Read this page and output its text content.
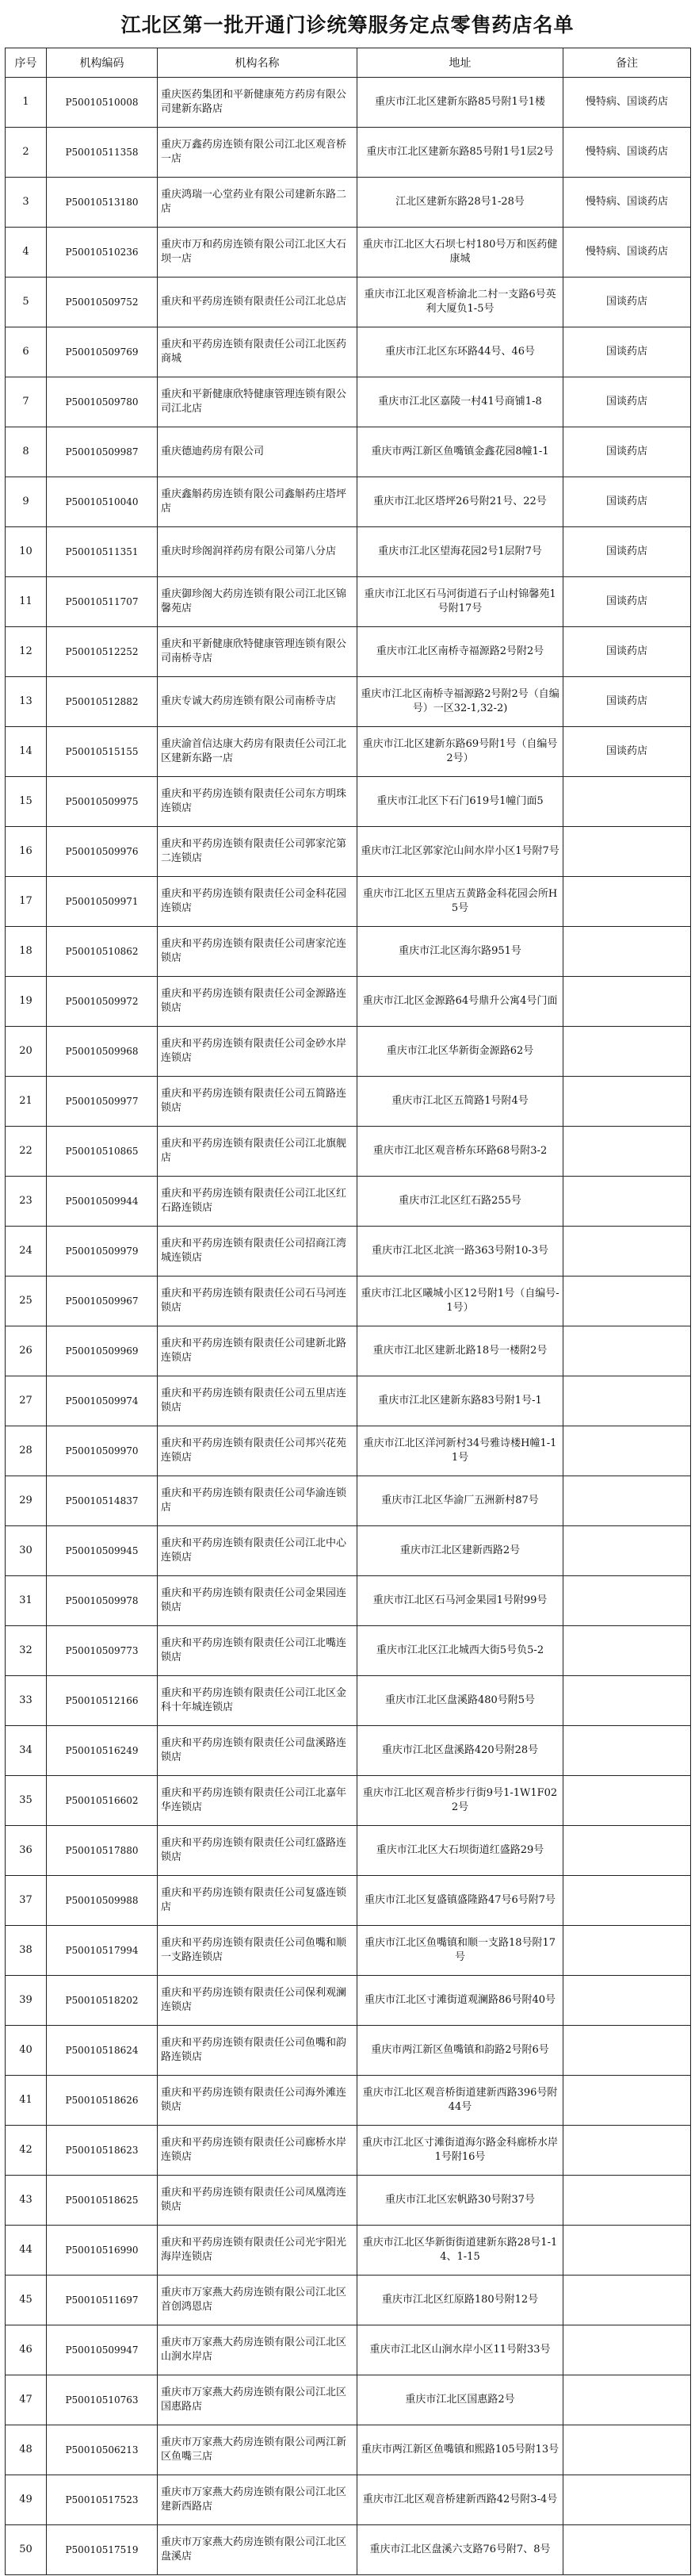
江北区第一批开通门诊统筹服务定点零售药店名单
序号	机构编码	机构名称	地址	备注
1	P50010510008	重庆医药集团和平新健康苑方药房有限公司建新东路店	重庆市江北区建新东路85号附1号1楼	慢特病、国谈药店
2	P50010511358	重庆万鑫药房连锁有限公司江北区观音桥一店	重庆市江北区建新东路85号附1号1层2号	慢特病、国谈药店
3	P50010513180	重庆鸿瑞一心堂药业有限公司建新东路二店	江北区建新东路28号1-28号	慢特病、国谈药店
4	P50010510236	重庆市万和药房连锁有限公司江北区大石坝一店	重庆市江北区大石坝七村180号万和医药健康城	慢特病、国谈药店
5	P50010509752	重庆和平药房连锁有限责任公司江北总店	重庆市江北区观音桥渝北二村一支路6号英利大厦负1-5号	国谈药店
6	P50010509769	重庆和平药房连锁有限责任公司江北医药商城	重庆市江北区东环路44号、46号	国谈药店
7	P50010509780	重庆和平新健康欣特健康管理连锁有限公司江北店	重庆市江北区嘉陵一村41号商铺1-8	国谈药店
8	P50010509987	重庆德迪药房有限公司	重庆市两江新区鱼嘴镇金鑫花园8幢1-1	国谈药店
9	P50010510040	重庆鑫斛药房连锁有限公司鑫斛药庄塔坪店	重庆市江北区塔坪26号附21号、22号	国谈药店
10	P50010511351	重庆时珍阁润祥药房有限公司第八分店	重庆市江北区望海花园2号1层附7号	国谈药店
11	P50010511707	重庆御珍阁大药房连锁有限公司江北区锦馨苑店	重庆市江北区石马河街道石子山村锦馨苑1号附17号	国谈药店
12	P50010512252	重庆和平新健康欣特健康管理连锁有限公司南桥寺店	重庆市江北区南桥寺福源路2号附2号	国谈药店
13	P50010512882	重庆专诚大药房连锁有限公司南桥寺店	重庆市江北区南桥寺福源路2号附2号（自编号）一区32-1,32-2)	国谈药店
14	P50010515155	重庆渝首信达康大药房有限责任公司江北区建新东路一店	重庆市江北区建新东路69号附1号（自编号2号）	国谈药店
15	P50010509975	重庆和平药房连锁有限责任公司东方明珠连锁店	重庆市江北区下石门619号1幢门面5	
16	P50010509976	重庆和平药房连锁有限责任公司郭家沱第二连锁店	重庆市江北区郭家沱山间水岸小区1号附7号	
17	P50010509971	重庆和平药房连锁有限责任公司金科花园连锁店	重庆市江北区五里店五黄路金科花园会所H5号	
18	P50010510862	重庆和平药房连锁有限责任公司唐家沱连锁店	重庆市江北区海尔路951号	
19	P50010509972	重庆和平药房连锁有限责任公司金源路连锁店	重庆市江北区金源路64号鼎升公寓4号门面	
20	P50010509968	重庆和平药房连锁有限责任公司金砂水岸连锁店	重庆市江北区华新街金源路62号	
21	P50010509977	重庆和平药房连锁有限责任公司五简路连锁店	重庆市江北区五简路1号附4号	
22	P50010510865	重庆和平药房连锁有限责任公司江北旗舰店	重庆市江北区观音桥东环路68号附3-2	
23	P50010509944	重庆和平药房连锁有限责任公司江北区红石路连锁店	重庆市江北区红石路255号	
24	P50010509979	重庆和平药房连锁有限责任公司招商江湾城连锁店	重庆市江北区北滨一路363号附10-3号	
25	P50010509967	重庆和平药房连锁有限责任公司石马河连锁店	重庆市江北区曦城小区12号附1号（自编号-1号）	
26	P50010509969	重庆和平药房连锁有限责任公司建新北路连锁店	重庆市江北区建新北路18号一楼附2号	
27	P50010509974	重庆和平药房连锁有限责任公司五里店连锁店	重庆市江北区建新东路83号附1号-1	
28	P50010509970	重庆和平药房连锁有限责任公司邦兴花苑连锁店	重庆市江北区洋河新村34号雅诗楼H幢1-11号	
29	P50010514837	重庆和平药房连锁有限责任公司华渝连锁店	重庆市江北区华渝厂五洲新村87号	
30	P50010509945	重庆和平药房连锁有限责任公司江北中心连锁店	重庆市江北区建新西路2号	
31	P50010509978	重庆和平药房连锁有限责任公司金果园连锁店	重庆市江北区石马河金果园1号附99号	
32	P50010509773	重庆和平药房连锁有限责任公司江北嘴连锁店	重庆市江北区江北城西大街5号负5-2	
33	P50010512166	重庆和平药房连锁有限责任公司江北区金科十年城连锁店	重庆市江北区盘溪路480号附5号	
34	P50010516249	重庆和平药房连锁有限责任公司盘溪路连锁店	重庆市江北区盘溪路420号附28号	
35	P50010516602	重庆和平药房连锁有限责任公司江北嘉年华连锁店	重庆市江北区观音桥步行街9号1-1W1F022号	
36	P50010517880	重庆和平药房连锁有限责任公司红盛路连锁店	重庆市江北区大石坝街道红盛路29号	
37	P50010509988	重庆和平药房连锁有限责任公司复盛连锁店	重庆市江北区复盛镇盛隆路47号6号附7号	
38	P50010517994	重庆和平药房连锁有限责任公司鱼嘴和顺一支路连锁店	重庆市江北区鱼嘴镇和顺一支路18号附17号	
39	P50010518202	重庆和平药房连锁有限责任公司保利观澜连锁店	重庆市江北区寸滩街道观澜路86号附40号	
40	P50010518624	重庆和平药房连锁有限责任公司鱼嘴和韵路连锁店	重庆市两江新区鱼嘴镇和韵路2号附6号	
41	P50010518626	重庆和平药房连锁有限责任公司海外滩连锁店	重庆市江北区观音桥街道建新西路396号附44号	
42	P50010518623	重庆和平药房连锁有限责任公司廊桥水岸连锁店	重庆市江北区寸滩街道海尔路金科廊桥水岸1号附16号	
43	P50010518625	重庆和平药房连锁有限责任公司凤凰湾连锁店	重庆市江北区宏帆路30号附37号	
44	P50010516990	重庆和平药房连锁有限责任公司光宇阳光海岸连锁店	重庆市江北区华新街街道建新东路28号1-14、1-15	
45	P50010511697	重庆市万家燕大药房连锁有限公司江北区首创鸿恩店	重庆市江北区红原路180号附12号	
46	P50010509947	重庆市万家燕大药房连锁有限公司江北区山涧水岸店	重庆市江北区山涧水岸小区11号附33号	
47	P50010510763	重庆市万家燕大药房连锁有限公司江北区国惠路店	重庆市江北区国惠路2号	
48	P50010506213	重庆市万家燕大药房连锁有限公司两江新区鱼嘴三店	重庆市两江新区鱼嘴镇和熙路105号附13号	
49	P50010517523	重庆市万家燕大药房连锁有限公司江北区建新西路店	重庆市江北区观音桥建新西路42号附3-4号	
50	P50010517519	重庆市万家燕大药房连锁有限公司江北区盘溪店	重庆市江北区盘溪六支路76号附7、8号	
